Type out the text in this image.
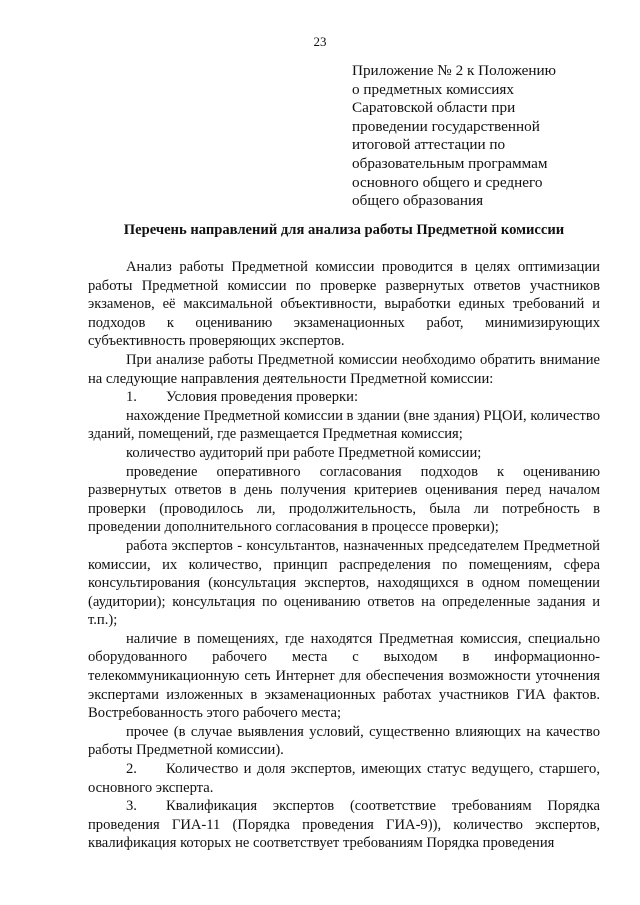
23
Приложение № 2 к Положению
о предметных комиссиях
Саратовской области при
проведении государственной
итоговой аттестации по
образовательным программам
основного общего и среднего
общего образования
Перечень направлений для анализа работы Предметной комиссии

Анализ работы Предметной комиссии проводится в целях оптимизации работы Предметной комиссии по проверке развернутых ответов участников экзаменов, её максимальной объективности, выработки единых требований и подходов к оцениванию экзаменационных работ, минимизирующих субъективность проверяющих экспертов.

При анализе работы Предметной комиссии необходимо обратить внимание на следующие направления деятельности Предметной комиссии:

1. Условия проведения проверки:

нахождение Предметной комиссии в здании (вне здания) РЦОИ, количество зданий, помещений, где размещается Предметная комиссия;

количество аудиторий при работе Предметной комиссии;

проведение оперативного согласования подходов к оцениванию развернутых ответов в день получения критериев оценивания перед началом проверки (проводилось ли, продолжительность, была ли потребность в проведении дополнительного согласования в процессе проверки);

работа экспертов - консультантов, назначенных председателем Предметной комиссии, их количество, принцип распределения по помещениям, сфера консультирования (консультация экспертов, находящихся в одном помещении (аудитории); консультация по оцениванию ответов на определенные задания и т.п.);

наличие в помещениях, где находятся Предметная комиссия, специально оборудованного рабочего места с выходом в информационно-телекоммуникационную сеть Интернет для обеспечения возможности уточнения экспертами изложенных в экзаменационных работах участников ГИА фактов. Востребованность этого рабочего места;

прочее (в случае выявления условий, существенно влияющих на качество работы Предметной комиссии).

2. Количество и доля экспертов, имеющих статус ведущего, старшего, основного эксперта.

3. Квалификация экспертов (соответствие требованиям Порядка проведения ГИА-11 (Порядка проведения ГИА-9)), количество экспертов, квалификация которых не соответствует требованиям Порядка проведения
